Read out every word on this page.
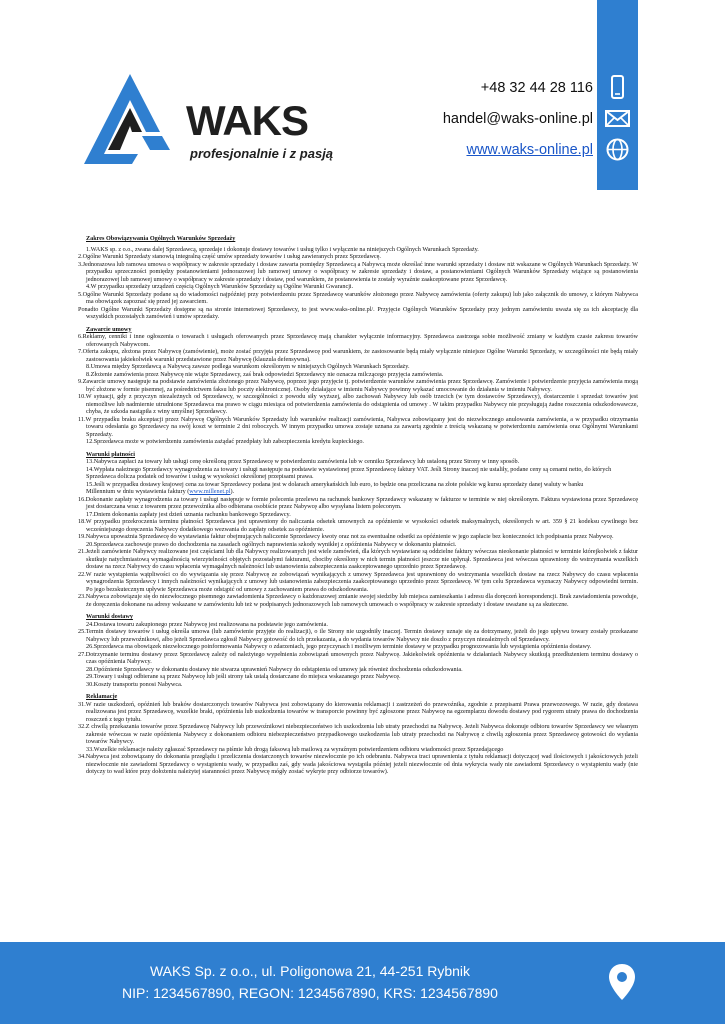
+48 32 44 28 116
handel@waks-online.pl
www.waks-online.pl
WAKS
profesjonalnie i z pasją

Zakres Obowiązywania Ogólnych Warunków Sprzedaży

1.WAKS sp. z o.o., zwana dalej Sprzedawcą, sprzedaje i dokonuje dostawy towarów i usług tylko i wyłącznie na niniejszych Ogólnych Warunkach Sprzedaży.

2.Ogólne Warunki Sprzedaży stanowią integralną część umów sprzedaży towarów i usług zawieranych przez Sprzedawcę.

3.Jednorazowa lub ramowa umowa o współpracy w zakresie sprzedaży i dostaw zawarta pomiędzy Sprzedawcą a Nabywcą może określać inne warunki sprzedaży i dostaw niż wskazane w Ogólnych Warunkach Sprzedaży. W przypadku sprzeczności pomiędzy postanowieniami jednorazowej lub ramowej umowy o współpracy w zakresie sprzedaży i dostaw, a postanowieniami Ogólnych Warunków Sprzedaży wiążące są postanowienia jednorazowej lub ramowej umowy o współpracy w zakresie sprzedaży i dostaw, pod warunkiem, że postanowienia te zostały wyraźnie zaakceptowane przez Sprzedawcę.

4.W przypadku sprzedaży urządzeń częścią Ogólnych Warunków Sprzedaży są Ogólne Warunki Gwarancji.

5.Ogólne Warunki Sprzedaży podane są do wiadomości najpóźniej przy potwierdzeniu przez Sprzedawcę warunków złożonego przez Nabywcę zamówienia (oferty zakupu) lub jako załącznik do umowy, z którym Nabywca ma obowiązek zapoznać się przed jej zawarciem.

Ponadto Ogólne Warunki Sprzedaży dostępne są na stronie internetowej Sprzedawcy, to jest www.waks-online.pl/. Przyjęcie Ogólnych Warunków Sprzedaży przy jednym zamówieniu uważa się za ich akceptację dla wszystkich pozostałych zamówień i umów sprzedaży.

Zawarcie umowy

6.Reklamy, cenniki i inne ogłoszenia o towarach i usługach oferowanych przez Sprzedawcę mają charakter wyłącznie informacyjny. Sprzedawca zastrzega sobie możliwość zmiany w każdym czasie zakresu towarów oferowanych Nabywcom.

7.Oferta zakupu, złożona przez Nabywcę (zamówienie), może zostać przyjęta przez Sprzedawcę pod warunkiem, że zastosowanie będą miały wyłącznie niniejsze Ogólne Warunki Sprzedaży, w szczególności nie będą miały zastosowania jakiekolwiek warunki przedstawione przez Nabywcę (klauzula defensywna).

8.Umowa między Sprzedawcą a Nabywcą zawsze podlega warunkom określonym w niniejszych Ogólnych Warunkach Sprzedaży.

8.Złożenie zamówienia przez Nabywcę nie wiąże Sprzedawcy, zaś brak odpowiedzi Sprzedawcy nie oznacza milczącego przyjęcia zamówienia.

9.Zawarcie umowy następuje na podstawie zamówienia złożonego przez Nabywcę, poprzez jego przyjęcie tj. potwierdzenie warunków zamówienia przez Sprzedawcę. Zamówienie i potwierdzenie przyjęcia zamówienia mogą być złożone w formie pisemnej, za pośrednictwem faksu lub poczty elektronicznej. Osoby działające w imieniu Nabywcy powinny wykazać umocowanie do działania w imieniu Nabywcy.

10.W sytuacji, gdy z przyczyn niezależnych od Sprzedawcy, w szczególności z powodu siły wyższej, albo zachowań Nabywcy lub osób trzecich (w tym dostawców Sprzedawcy), dostarczenie i sprzedaż towarów jest niemożliwe lub nadmiernie utrudnione Sprzedawca ma prawo w ciągu miesiąca od potwierdzenia zamówienia do odstąpienia od umowy . W takim przypadku Nabywcy nie przysługują żadne roszczenia odszkodowawcze, chyba, że szkoda nastąpiła z winy umyślnej Sprzedawcy.

11.W przypadku braku akceptacji przez Nabywcę Ogólnych Warunków Sprzedaży lub warunków realizacji zamówienia, Nabywca zobowiązany jest do niezwłocznego anulowania zamówienia, a w przypadku otrzymania towaru odesłania go Sprzedawcy na swój koszt w terminie 2 dni roboczych. W innym przypadku umowa zostaje uznana za zawartą zgodnie z treścią wskazaną w potwierdzeniu zamówienia oraz Ogólnymi Warunkami Sprzedaży.

12.Sprzedawca może w potwierdzeniu zamówienia zażądać przedpłaty lub zabezpieczenia kredytu kupieckiego.

Warunki płatności

13.Nabywca zapłaci za towary lub usługi cenę określoną przez Sprzedawcę w potwierdzeniu zamówienia lub w cenniku Sprzedawcy lub ustaloną przez Strony w inny sposób.

14.Wypłata należnego Sprzedawcy wynagrodzenia za towary i usługi następuje na podstawie wystawionej przez Sprzedawcę faktury VAT. Jeśli Strony inaczej nie ustaliły, podane ceny są cenami netto, do których

Sprzedawca dolicza podatek od towarów i usług w wysokości określonej przepisami prawa.

15.Jeśli w przypadku dostawy krajowej cena za towar Sprzedawcy podana jest w dolarach amerykańskich lub euro, to będzie ona przeliczana na złote polskie wg kursu sprzedaży danej waluty w banku

Millennium w dniu wystawienia faktury (www.millenet.pl).

16.Dokonanie zapłaty wynagrodzenia za towary i usługi następuje w formie polecenia przelewu na rachunek bankowy Sprzedawcy wskazany w fakturze w terminie w niej określonym. Faktura wystawiona przez Sprzedawcę jest dostarczana wraz z towarem przez przewoźnika albo odbierana osobiście przez Nabywcę albo wysyłana listem poleconym.

17.Dniem dokonania zapłaty jest dzień uznania rachunku bankowego Sprzedawcy.

18.W przypadku przekroczenia terminu płatności Sprzedawca jest uprawniony do naliczania odsetek umownych za opóźnienie w wysokości odsetek maksymalnych, określonych w art. 359 § 21 kodeksu cywilnego bez wcześniejszego doręczenia Nabywcy dodatkowego wezwania do zapłaty odsetek za opóźnienie.

19.Nabywca upoważnia Sprzedawcę do wystawiania faktur obejmujących naliczenie Sprzedawcy kwoty oraz not za ewentualne odsetki za opóźnienie w jego zapłacie bez konieczności ich podpisania przez Nabywcę.

20.Sprzedawca zachowuje prawo do dochodzenia na zasadach ogólnych naprawienia szkody wynikłej z opóźnienia Nabywcy w dokonaniu płatności.

21.Jeżeli zamówienie Nabywcy realizowane jest częściami lub dla Nabywcy realizowanych jest wiele zamówień, dla których wystawiane są oddzielne faktury wówczas nieokonanie płatności w terminie którejkolwiek z faktur skutkuje natychmiastową wymagalnością wierzytelności objętych pozostałymi fakturami, chociby określony w nich termin płatności jeszcze nie upłynął. Sprzedawca jest wówczas uprawniony do wstrzymania wszelkich dostaw na rzecz Nabywcy do czasu wpłacenia wymagalnych należności lub ustanowienia zabezpieczenia zaakceptowanego uprzednio przez Sprzedawcę.

22.W razie wystąpienia wątpliwości co do wywiązania się przez Nabywcę ze zobowiązań wynikających z umowy Sprzedawca jest uprawniony do wstrzymania wszelkich dostaw na rzecz Nabywcy do czasu wpłacenia wynagrodzenia Sprzedawcy i innych należności wynikających z umowy lub ustanowienia zabezpieczenia zaakceptowanego uprzednio przez Sprzedawcę. W tym celu Sprzedawca wyznaczy Nabywcy odpowiedni termin. Po jego bezskutecznym upływie Sprzedawca może odstąpić od umowy z zachowaniem prawa do odszkodowania.

23.Nabywca zobowiązuje się do niezwłocznego pisemnego zawiadomienia Sprzedawcy o każdorazowej zmianie swojej siedziby lub miejsca zamieszkania i adresu dla doręczeń korespondencji. Brak zawiadomienia powoduje, że doręczenia dokonane na adresy wskazane w zamówieniu lub też w podpisanych jednorazowych lub ramowych umowach o współpracy w zakresie sprzedaży i dostaw uważane są za skuteczne.

Warunki dostawy

24.Dostawa towaru zakupionego przez Nabywcę jest realizowana na podstawie jego zamówienia.

25.Termin dostawy towarów i usług określa umowa (lub zamówienie przyjęte do realizacji), o ile Strony nie uzgodniły inaczej. Termin dostawy uznaje się za dotrzymany, jeżeli do jego upływu towary zostały przekazane Nabywcy lub przewoźnikowi, albo jeżeli Sprzedawca zgłosił Nabywcy gotowość do ich przekazania, a do wydania towarów Nabywcy nie doszło z przyczyn niezależnych od Sprzedawcy.

26.Sprzedawca ma obowiązek niezwłocznego poinformowania Nabywcy o zdarzeniach, jego przyczynach i możliwym terminie dostawy w przypadku prognozowania lub wystąpienia opóźnienia dostawy.

27.Dotrzymanie terminu dostawy przez Sprzedawcę zależy od należytego wypełnienia zobowiązań umownych przez Nabywcę. Jakiekolwiek opóźnienia w działaniach Nabywcy skutkują przedłużeniem terminu dostawy o czas opóźnienia Nabywcy.

28.Opóźnienie Sprzedawcy w dokonaniu dostawy nie stwarza uprawnień Nabywcy do odstąpienia od umowy jak również dochodzenia odszkodowania.

29.Towary i usługi odbierane są przez Nabywcę lub jeśli strony tak ustalą dostarczane do miejsca wskazanego przez Nabywcę.

30.Koszty transportu ponosi Nabywca.

Reklamacje

31.W razie uszkodzeń, opóźnień lub braków dostarczonych towarów Nabywca jest zobowiązany do kierowania reklamacji i zastrzeżeń do przewoźnika, zgodnie z przepisami Prawa przewozowego. W razie, gdy dostawa realizowana jest przez Sprzedawcę, wszelkie braki, opóźnienia lub uszkodzenia towarów w transporcie powinny być zgłoszone przez Nabywcę na egzemplarzu dowodu dostawy pod rygorem utraty prawa do dochodzenia roszczeń z tego tytułu.

32.Z chwilą przekazania towarów przez Sprzedawcę Nabywcy lub przewoźnikowi niebezpieczeństwo ich uszkodzenia lub utraty przechodzi na Nabywcę. Jeżeli Nabywca dokonuje odbioru towarów Sprzedawcy we własnym zakresie wówczas w razie opóźnienia Nabywcy z dokonaniem odbioru niebezpieczeństwo przypadkowego uszkodzenia lub utraty przechodzi na Nabywcę z chwilą zgłoszenia przez Sprzedawcę gotowości do wydania towarów Nabywcy.

33.Wszelkie reklamacje należy zgłaszać Sprzedawcy na piśmie lub drogą faksową lub mailową za wyraźnym potwierdzeniem odbioru wiadomości przez Sprzedającego

34.Nabywca jest zobowiązany do dokonania przeglądu i przeliczenia dostarczonych towarów niezwłocznie po ich odebraniu. Nabywca traci uprawnienia z tytułu reklamacji dotyczącej wad ilościowych i jakościowych jeżeli niezwłocznie nie zawiadomi Sprzedawcy o wystąpieniu wady, w przypadku zaś, gdy wada jakościowa wystąpiła później jeżeli niezwłocznie od dnia wykrycia wady nie zawiadomi Sprzedawcy o wystąpieniu wady (nie dotyczy to wad które przy dołożeniu należytej staranności przez Nabywcę mógły zostać wykryte przy odbiorze towarów).

WAKS Sp. z o.o., ul. Poligonowa 21, 44-251 Rybnik
NIP: 1234567890, REGON: 1234567890, KRS: 1234567890
